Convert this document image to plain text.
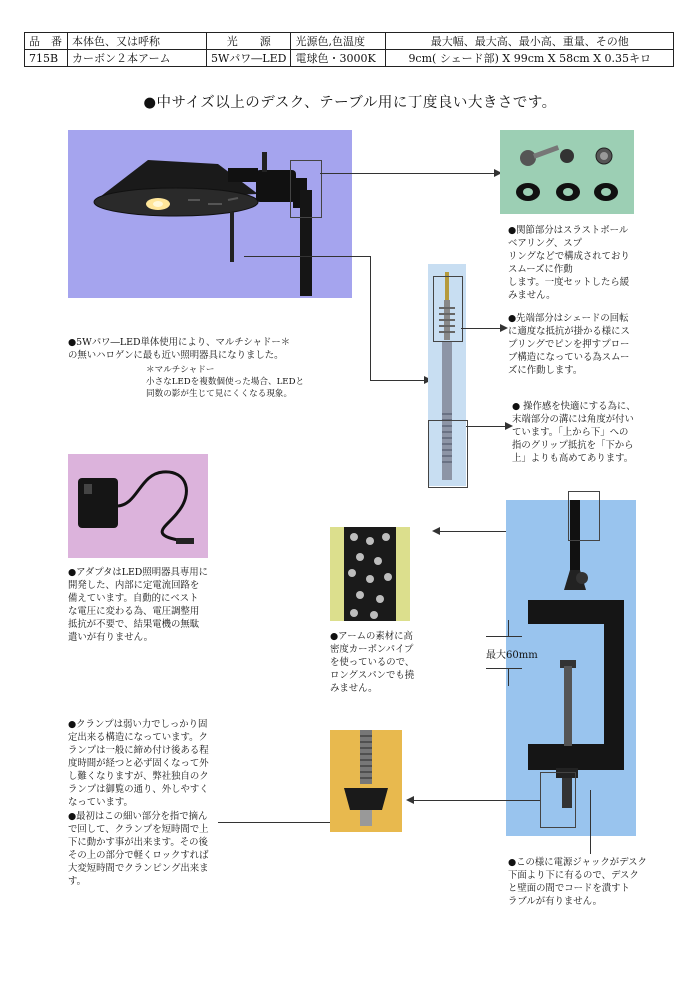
品　番	本体色、又は呼称	光　　源	光源色,色温度	最大幅、最大高、最小高、重量、その他
715B	カーボン２本アーム	5Wパワ―LED	電球色・3000K	9cm( シェード部) X 99cm X 58cm X 0.35キロ
●中サイズ以上のデスク、テーブル用に丁度良い大きさです。
●関節部分はスラストボール
ベアリング、スプ
リングなどで構成されており
スムーズに作動
します。一度セットしたら緩
みません。
●先端部分はシェードの回転
に適度な抵抗が掛かる様にス
プリングでピンを押すプロー
ブ構造になっている為スムー
ズに作動します。
● 操作感を快適にする為に、
末端部分の溝には角度が付い
ています。「上から下」への
指のグリップ抵抗を「下から
上」よりも高めてあります。
●5Wパワ―LED単体使用により、マルチシャドー＊
の無いハロゲンに最も近い照明器具になりました。
＊マルチシャドー
小さなLEDを複数個使った場合、LEDと
同数の影が生じて見にくくなる現象。
●アダプタはLED照明器具専用に
開発した、内部に定電流回路を
備えています。自動的にベスト
な電圧に変わる為、電圧調整用
抵抗が不要で、結果電機の無駄
遣いが有りません。	●アームの素材に高
密度カーボンパイプ
を使っているので、
ロングスパンでも撓
みません。
最大60mm
●クランプは弱い力でしっかり固
定出来る構造になっています。ク
ランプは一般に締め付け後ある程
度時間が経つと必ず固くなって外
し難くなりますが、弊社独自のク
ランプは御覧の通り、外しやすく
なっています。
●最初はこの細い部分を指で摘ん
で回して、クランプを短時間で上
下に動かす事が出来ます。その後
その上の部分で軽くロックすれば
大変短時間でクランピング出来ま
す。
●この様に電源ジャックがデスク
下面より下に有るので、デスク
と壁面の間でコードを潰すト
ラブルが有りません。
